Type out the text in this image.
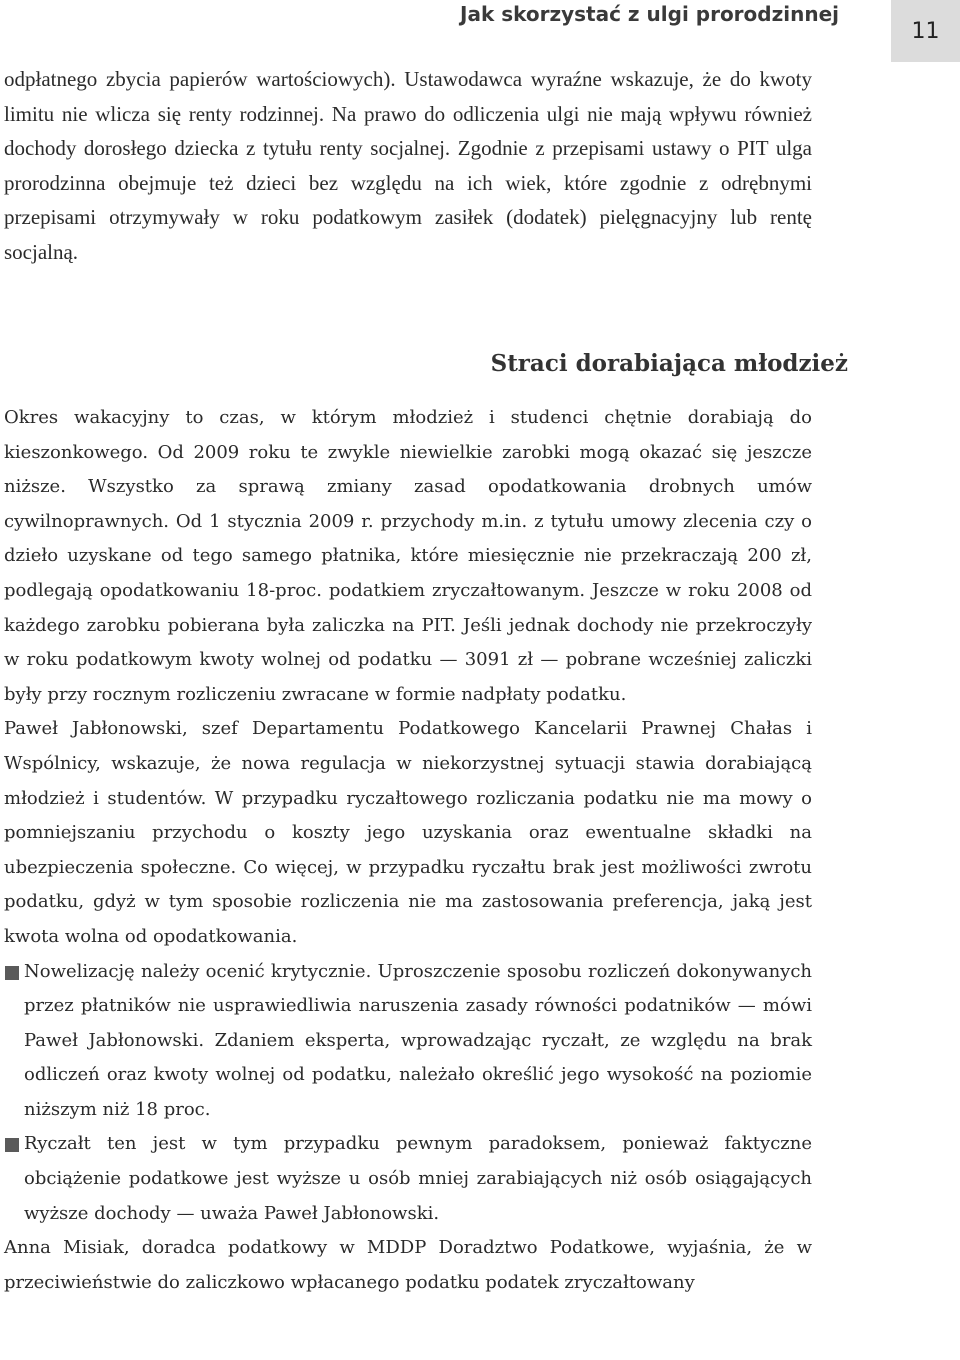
Jak skorzystać z ulgi prorodzinnej
11

odpłatnego zbycia papierów wartościowych). Ustawodawca wyraźne wskazuje, że do kwoty limitu nie wlicza się renty rodzinnej. Na prawo do odliczenia ulgi nie mają wpływu również dochody dorosłego dziecka z tytułu renty socjalnej. Zgodnie z przepisami ustawy o PIT ulga prorodzinna obejmuje też dzieci bez względu na ich wiek, które zgodnie z odrębnymi przepisami otrzymywały w roku podatkowym zasiłek (dodatek) pielęgnacyjny lub rentę socjalną.

Straci dorabiająca młodzież

Okres wakacyjny to czas, w którym młodzież i studenci chętnie dorabiają do kieszonkowego. Od 2009 roku te zwykle niewielkie zarobki mogą okazać się jeszcze niższe. Wszystko za sprawą zmiany zasad opodatkowania drobnych umów cywilnoprawnych. Od 1 stycznia 2009 r. przychody m.in. z tytułu umowy zlecenia czy o dzieło uzyskane od tego samego płatnika, które miesięcznie nie przekraczają 200 zł, podlegają opodatkowaniu 18-proc. podatkiem zryczałtowanym. Jeszcze w roku 2008 od każdego zarobku pobierana była zaliczka na PIT. Jeśli jednak dochody nie przekroczyły w roku podatkowym kwoty wolnej od podatku — 3091 zł — pobrane wcześniej zaliczki były przy rocznym rozliczeniu zwracane w formie nadpłaty podatku.

Paweł Jabłonowski, szef Departamentu Podatkowego Kancelarii Prawnej Chałas i Wspólnicy, wskazuje, że nowa regulacja w niekorzystnej sytuacji stawia dorabiającą młodzież i studentów. W przypadku ryczałtowego rozliczania podatku nie ma mowy o pomniejszaniu przychodu o koszty jego uzyskania oraz ewentualne składki na ubezpieczenia społeczne. Co więcej, w przypadku ryczałtu brak jest możliwości zwrotu podatku, gdyż w tym sposobie rozliczenia nie ma zastosowania preferencja, jaką jest kwota wolna od opodatkowania.

Nowelizację należy ocenić krytycznie. Uproszczenie sposobu rozliczeń dokonywanych przez płatników nie usprawiedliwia naruszenia zasady równości podatników — mówi Paweł Jabłonowski. Zdaniem eksperta, wprowadzając ryczałt, ze względu na brak odliczeń oraz kwoty wolnej od podatku, należało określić jego wysokość na poziomie niższym niż 18 proc.

Ryczałt ten jest w tym przypadku pewnym paradoksem, ponieważ faktyczne obciążenie podatkowe jest wyższe u osób mniej zarabiających niż osób osiągających wyższe dochody — uważa Paweł Jabłonowski.

Anna Misiak, doradca podatkowy w MDDP Doradztwo Podatkowe, wyjaśnia, że w przeciwieństwie do zaliczkowo wpłacanego podatku podatek zryczałtowany
